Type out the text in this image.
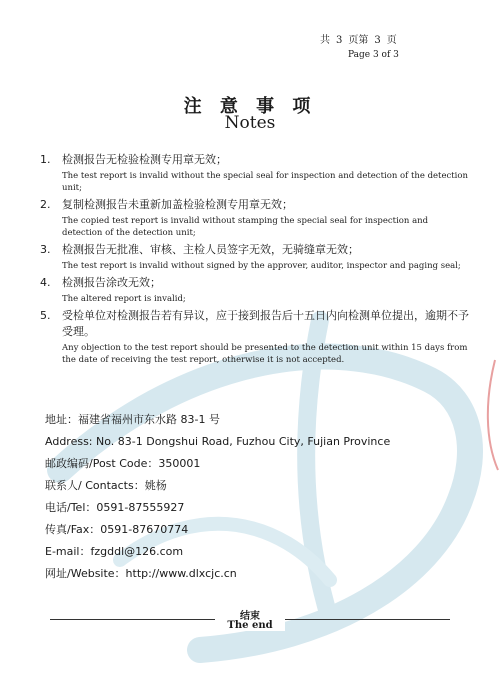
共 3 页第 3 页
Page 3 of 3
注 意 事 项
Notes
1.	检测报告无检验检测专用章无效；
The test report is invalid without the special seal for inspection and detection of the detection unit;
2.	复制检测报告未重新加盖检验检测专用章无效；
The copied test report is invalid without stamping the special seal for inspection and detection of the detection unit;
3.	检测报告无批准、审核、主检人员签字无效，无骑缝章无效；
The test report is invalid without signed by the approver, auditor, inspector and paging seal;
4.	检测报告涂改无效；
The altered report is invalid;
5.	受检单位对检测报告若有异议，应于接到报告后十五日内向检测单位提出，逾期不予受理。
Any objection to the test report should be presented to the detection unit within 15 days from the date of receiving the test report, otherwise it is not accepted.
地址：福建省福州市东水路 83-1 号
Address: No. 83-1 Dongshui Road, Fuzhou City, Fujian Province
邮政编码/Post Code：350001
联系人/ Contacts：姚杨
电话/Tel：0591-87555927
传真/Fax：0591-87670774
E-mail：fzgddl@126.com
网址/Website：http://www.dlxcjc.cn
结束
The end
